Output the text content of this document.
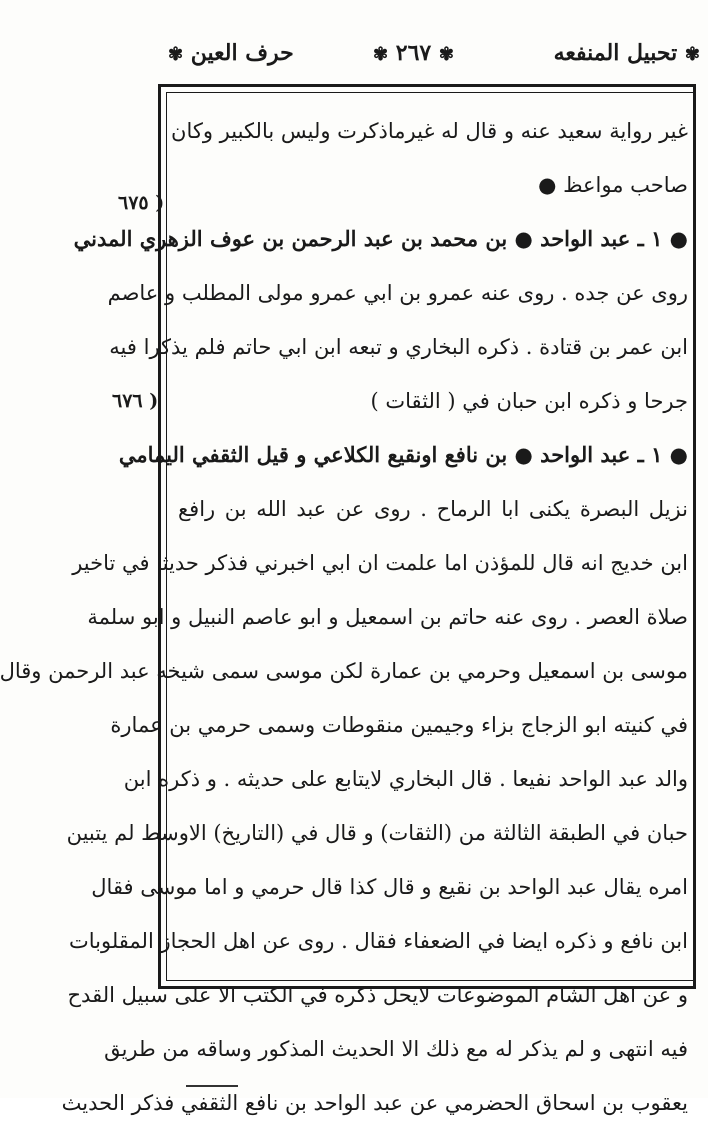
✾ تحبيل المنفعه
✾ ٢٦٧ ✾
حرف العين ✾
( ٦٧٥
( ٦٧٦
غير رواية سعيد عنه و قال له غيرماذكرت وليس بالكبير وكان
صاحب مواعظ ●
● ١ ـ عبد الواحد ● بن محمد بن عبد الرحمن بن عوف الزهري المدني
روى عن جده . روى عنه عمرو بن ابي عمرو مولى المطلب و عاصم
ابن عمر بن قتادة . ذكره البخاري و تبعه ابن ابي حاتم فلم يذكرا فيه
جرحا و ذكره ابن حبان في ( الثقات )
● ١ ـ عبد الواحد ● بن نافع اونقيع الكلاعي و قيل الثقفي اليمامي
نزيل البصرة يكنى ابا الرماح . روى عن عبد الله بن رافع
ابن خديج انه قال للمؤذن اما علمت ان ابي اخبرني فذكر حديثا في تاخير
صلاة العصر . روى عنه حاتم بن اسمعيل و ابو عاصم النبيل و ابو سلمة
موسى بن اسمعيل وحرمي بن عمارة لكن موسى سمى شيخه عبد الرحمن وقال
في كنيته ابو الزجاج بزاء وجيمين منقوطات وسمى حرمي بن عمارة
والد عبد الواحد نفيعا . قال البخاري لايتابع على حديثه . و ذكره ابن
حبان في الطبقة الثالثة من (الثقات) و قال في (التاريخ) الاوسط لم يتبين
امره يقال عبد الواحد بن نقيع و قال كذا قال حرمي و اما موسى فقال
ابن نافع و ذكره ايضا في الضعفاء فقال . روى عن اهل الحجاز المقلوبات
و عن اهل الشام الموضوعات لايحل ذكره في الكتب الا على سبيل القدح
فيه انتهى و لم يذكر له مع ذلك الا الحديث المذكور وساقه من طريق
يعقوب بن اسحاق الحضرمي عن عبد الواحد بن نافع الثقفي فذكر الحديث
